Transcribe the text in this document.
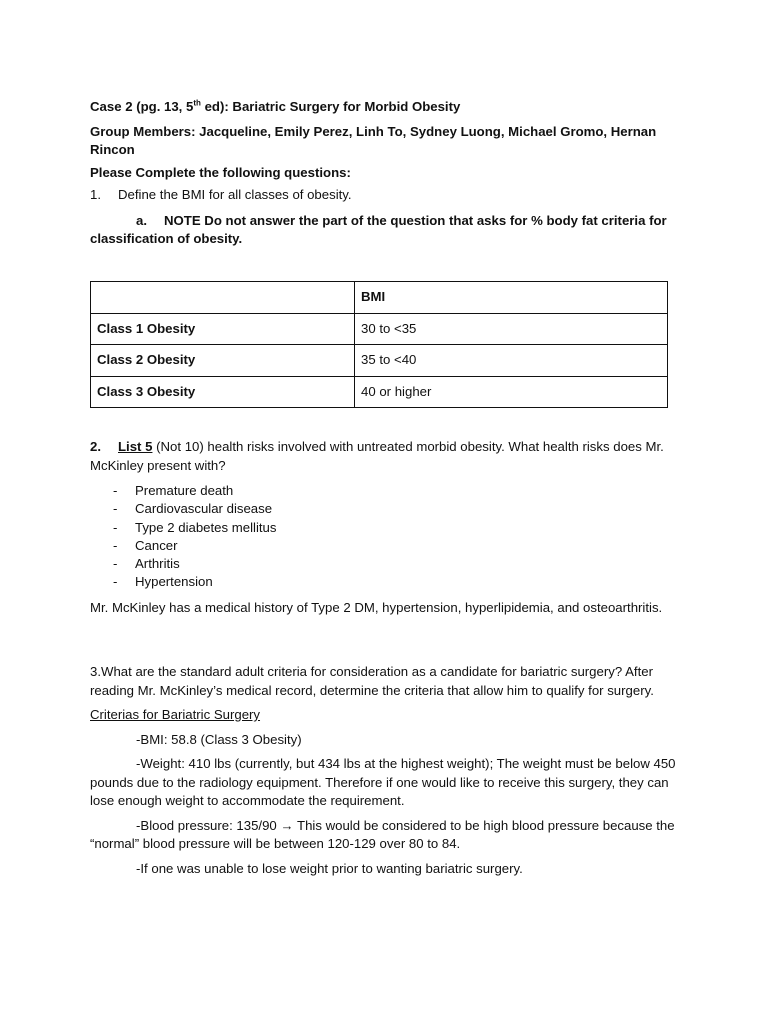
Case 2 (pg. 13, 5th ed): Bariatric Surgery for Morbid Obesity

Group Members: Jacqueline, Emily Perez, Linh To, Sydney Luong, Michael Gromo, Hernan Rincon

Please Complete the following questions:

1.	Define the BMI for all classes of obesity.

a. NOTE Do not answer the part of the question that asks for % body fat criteria for classification of obesity.

	BMI
Class 1 Obesity	30 to <35
Class 2 Obesity	35 to <40
Class 3 Obesity	40 or higher

2. List 5 (Not 10) health risks involved with untreated morbid obesity. What health risks does Mr. McKinley present with?

-	Premature death
-	Cardiovascular disease
-	Type 2 diabetes mellitus
-	Cancer
-	Arthritis
-	Hypertension

Mr. McKinley has a medical history of Type 2 DM, hypertension, hyperlipidemia, and osteoarthritis.

3.What are the standard adult criteria for consideration as a candidate for bariatric surgery? After reading Mr. McKinley’s medical record, determine the criteria that allow him to qualify for surgery.

Criterias for Bariatric Surgery

-BMI: 58.8 (Class 3 Obesity)

-Weight: 410 lbs (currently, but 434 lbs at the highest weight); The weight must be below 450 pounds due to the radiology equipment. Therefore if one would like to receive this surgery, they can lose enough weight to accommodate the requirement.

-Blood pressure: 135/90 → This would be considered to be high blood pressure because the “normal” blood pressure will be between 120-129 over 80 to 84.

-If one was unable to lose weight prior to wanting bariatric surgery.
